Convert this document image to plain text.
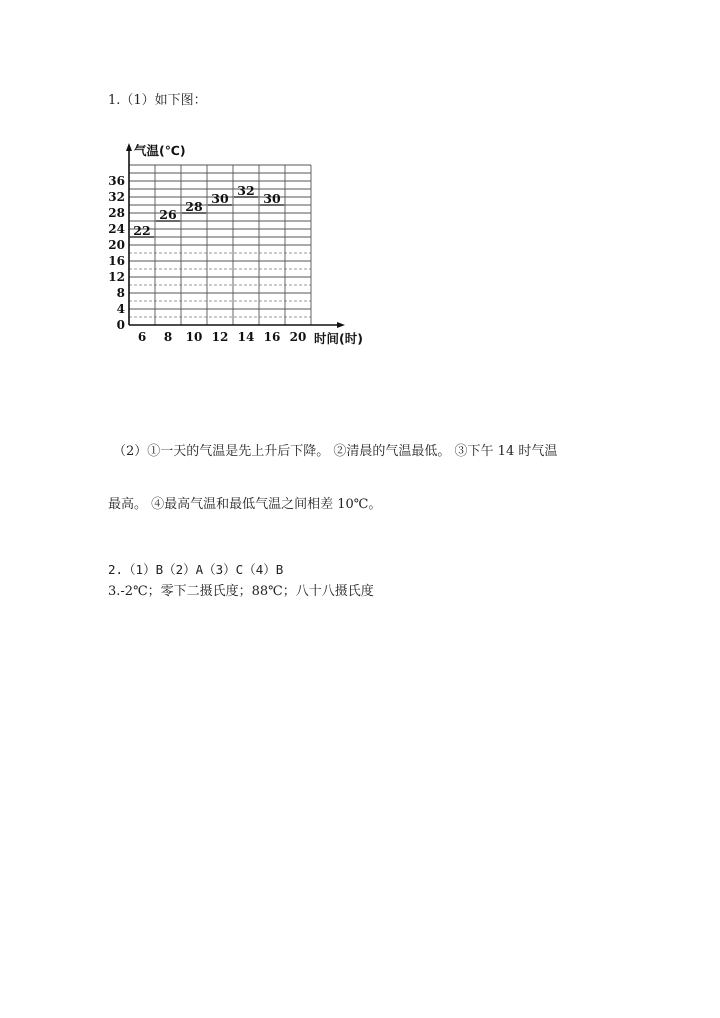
1.（1）如下图：
0
4
8
12
16
20
24
28
32
36
6 8 10 12 14 16 20
气温(℃)
时间(时)
22
26
28
30
32
30
（2）①一天的气温是先上升后下降。 ②清晨的气温最低。 ③下午 14 时气温
最高。 ④最高气温和最低气温之间相差 10℃。
2.（1）B（2）A（3）C（4）B
3.-2℃；零下二摄氏度；88℃；八十八摄氏度
